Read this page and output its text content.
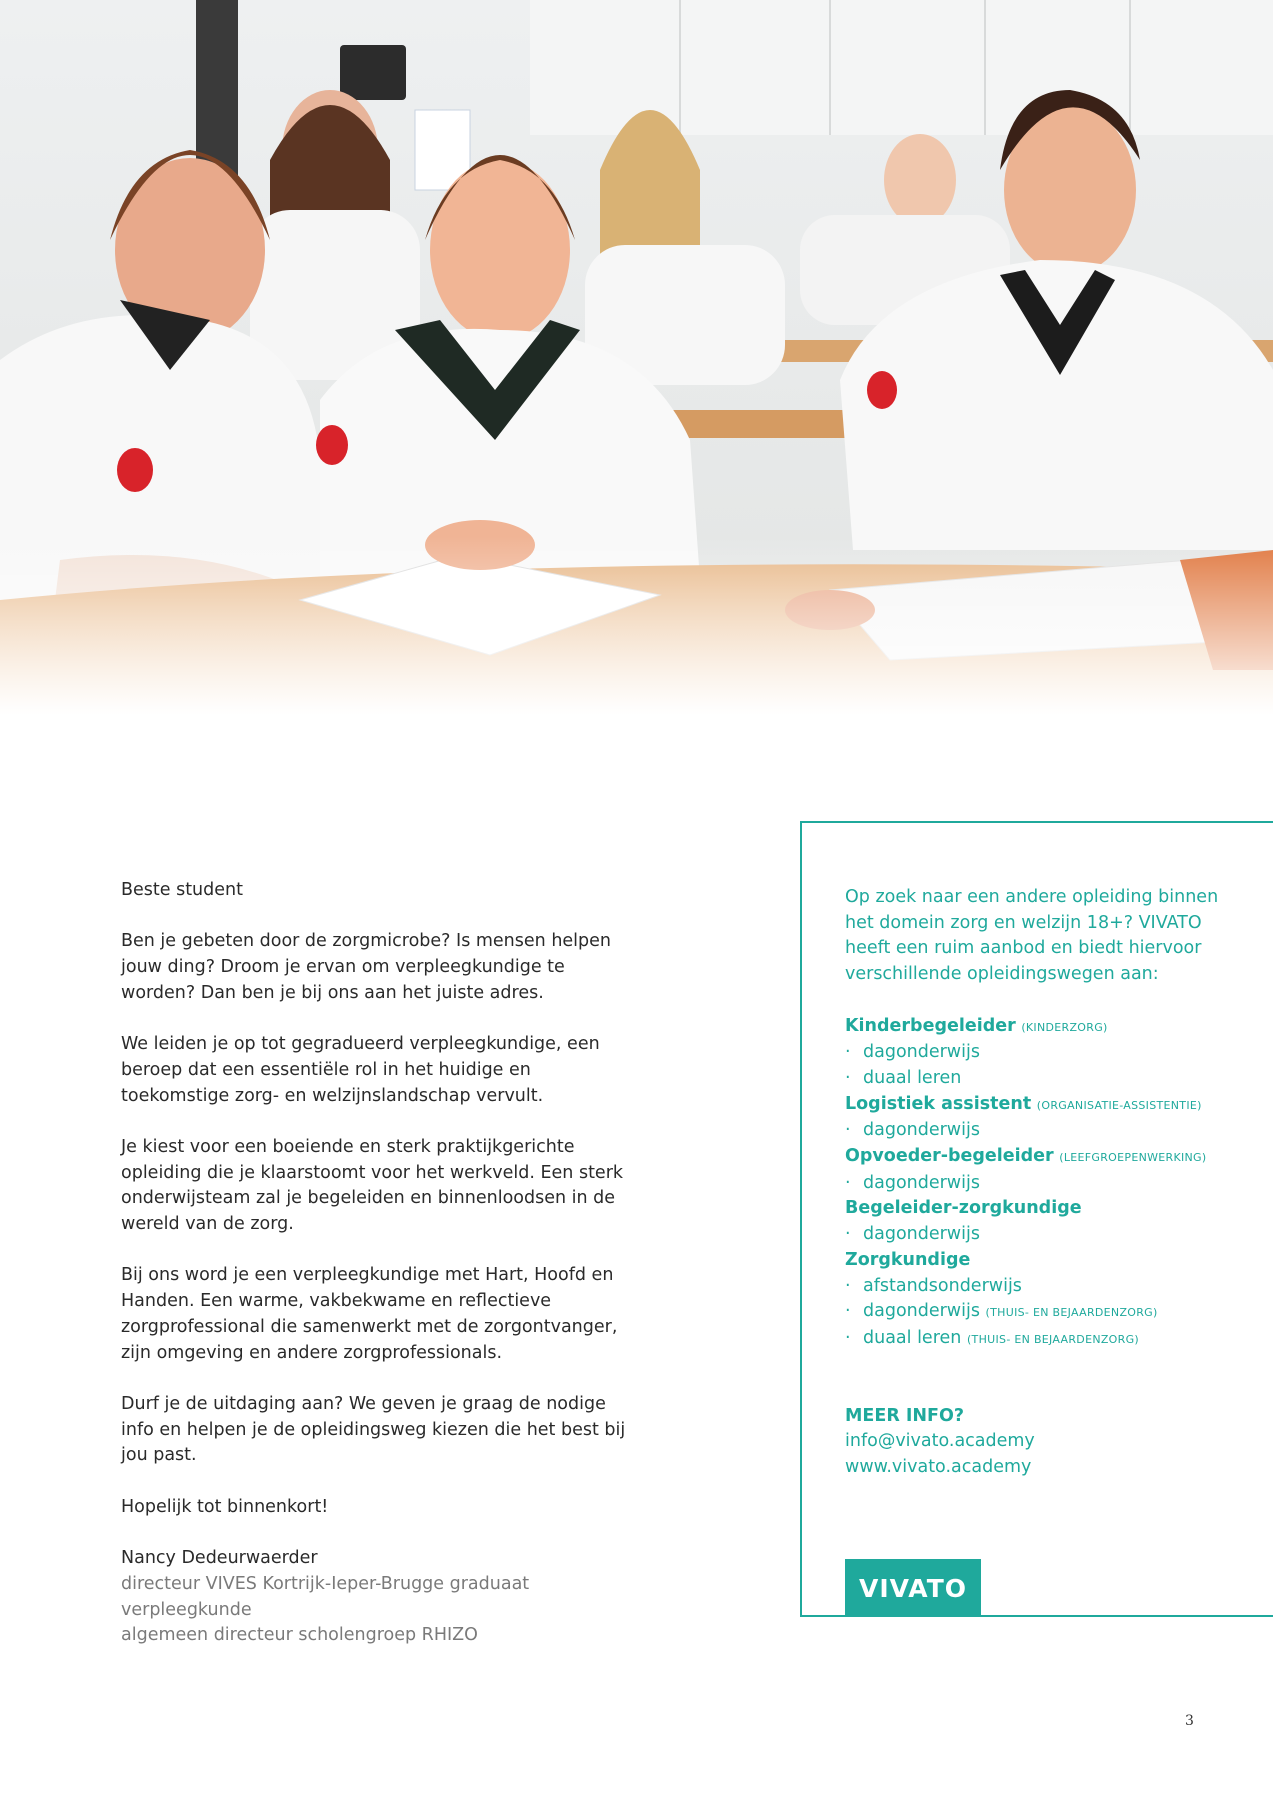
Beste student

Ben je gebeten door de zorgmicrobe? Is mensen helpen jouw ding? Droom je ervan om verpleegkundige te worden? Dan ben je bij ons aan het juiste adres.

We leiden je op tot gegradueerd verpleegkundige, een beroep dat een essentiële rol in het huidige en toekomstige zorg- en welzijnslandschap vervult.

Je kiest voor een boeiende en sterk praktijkgerichte opleiding die je klaarstoomt voor het werkveld. Een sterk onderwijsteam zal je begeleiden en binnenloodsen in de wereld van de zorg.

Bij ons word je een verpleegkundige met Hart, Hoofd en Handen. Een warme, vakbekwame en reflectieve zorgprofessional die samenwerkt met de zorgontvanger, zijn omgeving en andere zorgprofessionals.

Durf je de uitdaging aan? We geven je graag de nodige info en helpen je de opleidingsweg kiezen die het best bij jou past.

Hopelijk tot binnenkort!

Nancy Dedeurwaerder

directeur VIVES Kortrijk-Ieper-Brugge graduaat verpleegkunde

algemeen directeur scholengroep RHIZO

Op zoek naar een andere opleiding binnen het domein zorg en welzijn 18+? VIVATO heeft een ruim aanbod en biedt hiervoor verschillende opleidingswegen aan:

Kinderbegeleider (KINDERZORG)
· dagonderwijs
· duaal leren
Logistiek assistent (ORGANISATIE-ASSISTENTIE)
· dagonderwijs
Opvoeder-begeleider (LEEFGROEPENWERKING)
· dagonderwijs
Begeleider-zorgkundige
· dagonderwijs
Zorgkundige
· afstandsonderwijs
· dagonderwijs (THUIS- EN BEJAARDENZORG)
· duaal leren (THUIS- EN BEJAARDENZORG)
MEER INFO?
info@vivato.academy
www.vivato.academy
VIVATO
3
